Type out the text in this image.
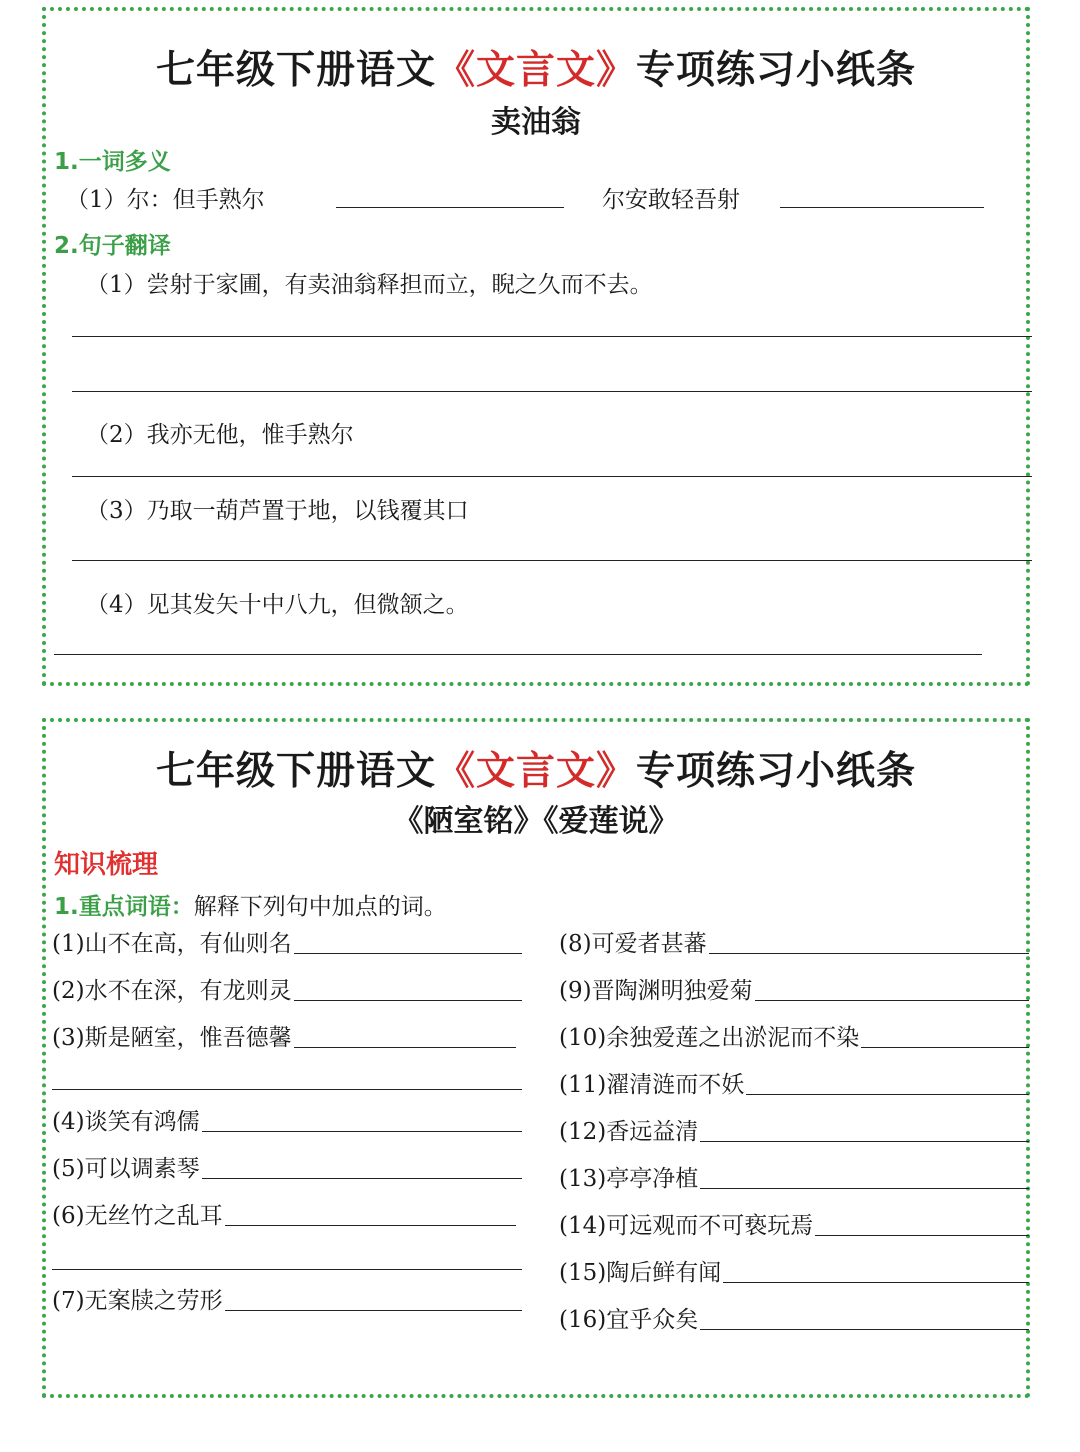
七年级下册语文《文言文》专项练习小纸条
卖油翁
1.一词多义
（1）尔：但手熟尔	尔安敢轻吾射
2.句子翻译
（1）尝射于家圃，有卖油翁释担而立，睨之久而不去。
（2）我亦无他，惟手熟尔
（3）乃取一葫芦置于地，以钱覆其口
（4）见其发矢十中八九，但微颔之。
七年级下册语文《文言文》专项练习小纸条
《陋室铭》《爱莲说》
知识梳理
1.重点词语：解释下列句中加点的词。
(1)山不在高，有仙则名
(2)水不在深，有龙则灵
(3)斯是陋室，惟吾德馨
(4)谈笑有鸿儒
(5)可以调素琴
(6)无丝竹之乱耳
(7)无案牍之劳形
(8)可爱者甚蕃
(9)晋陶渊明独爱菊
(10)余独爱莲之出淤泥而不染
(11)濯清涟而不妖
(12)香远益清
(13)亭亭净植
(14)可远观而不可亵玩焉
(15)陶后鲜有闻
(16)宜乎众矣
